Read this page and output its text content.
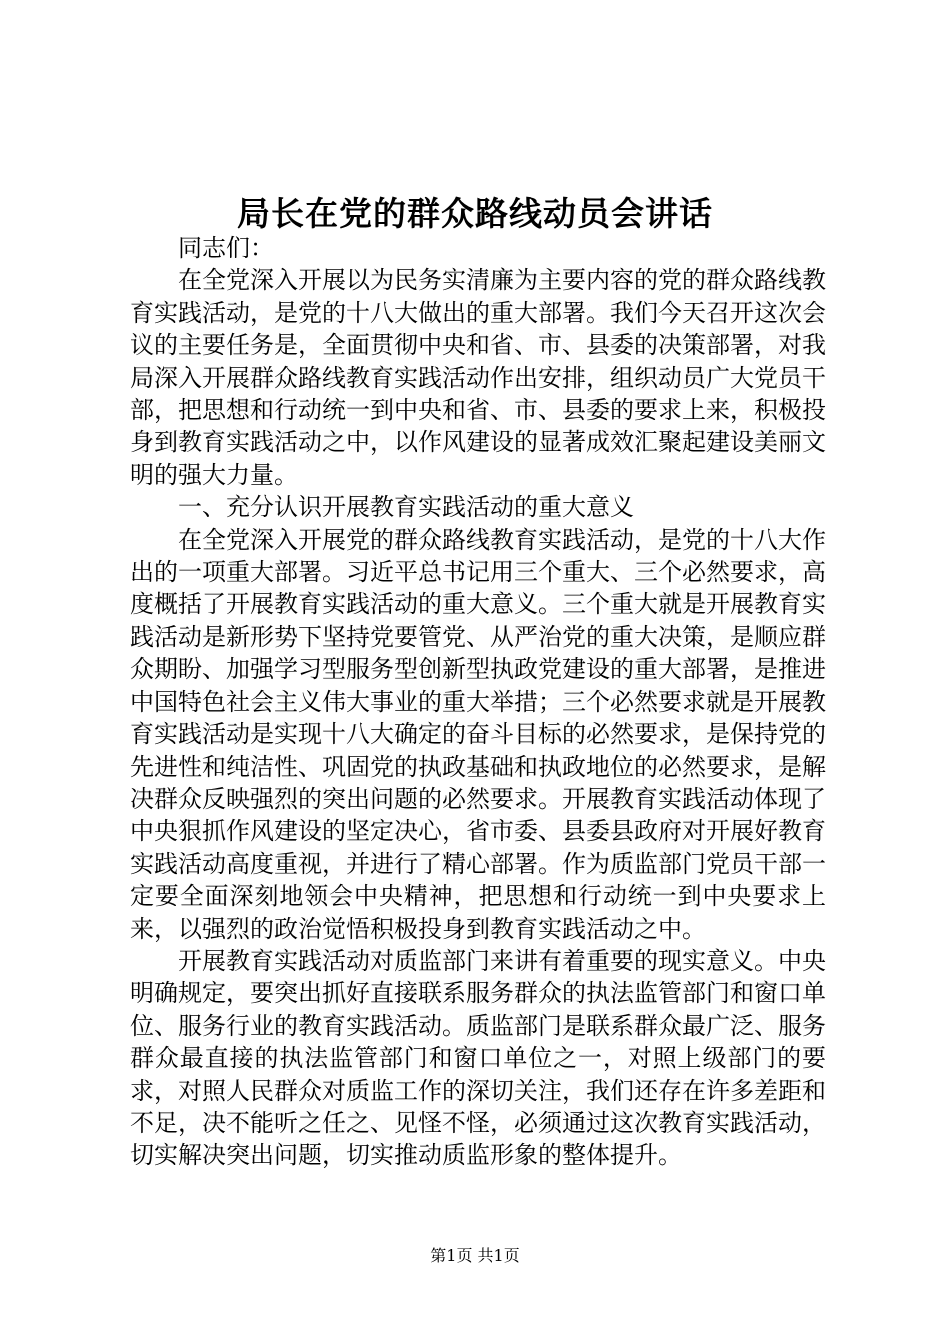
局长在党的群众路线动员会讲话

同志们：

在全党深入开展以为民务实清廉为主要内容的党的群众路线教育实践活动，是党的十八大做出的重大部署。我们今天召开这次会议的主要任务是，全面贯彻中央和省、市、县委的决策部署，对我局深入开展群众路线教育实践活动作出安排，组织动员广大党员干部，把思想和行动统一到中央和省、市、县委的要求上来，积极投身到教育实践活动之中，以作风建设的显著成效汇聚起建设美丽文明的强大力量。

一、充分认识开展教育实践活动的重大意义

在全党深入开展党的群众路线教育实践活动，是党的十八大作出的一项重大部署。习近平总书记用三个重大、三个必然要求，高度概括了开展教育实践活动的重大意义。三个重大就是开展教育实践活动是新形势下坚持党要管党、从严治党的重大决策，是顺应群众期盼、加强学习型服务型创新型执政党建设的重大部署，是推进中国特色社会主义伟大事业的重大举措；三个必然要求就是开展教育实践活动是实现十八大确定的奋斗目标的必然要求，是保持党的先进性和纯洁性、巩固党的执政基础和执政地位的必然要求，是解决群众反映强烈的突出问题的必然要求。开展教育实践活动体现了中央狠抓作风建设的坚定决心，省市委、县委县政府对开展好教育实践活动高度重视，并进行了精心部署。作为质监部门党员干部一定要全面深刻地领会中央精神，把思想和行动统一到中央要求上来，以强烈的政治觉悟积极投身到教育实践活动之中。

开展教育实践活动对质监部门来讲有着重要的现实意义。中央明确规定，要突出抓好直接联系服务群众的执法监管部门和窗口单位、服务行业的教育实践活动。质监部门是联系群众最广泛、服务群众最直接的执法监管部门和窗口单位之一，对照上级部门的要求，对照人民群众对质监工作的深切关注，我们还存在许多差距和不足，决不能听之任之、见怪不怪，必须通过这次教育实践活动，切实解决突出问题，切实推动质监形象的整体提升。

第1页 共1页
